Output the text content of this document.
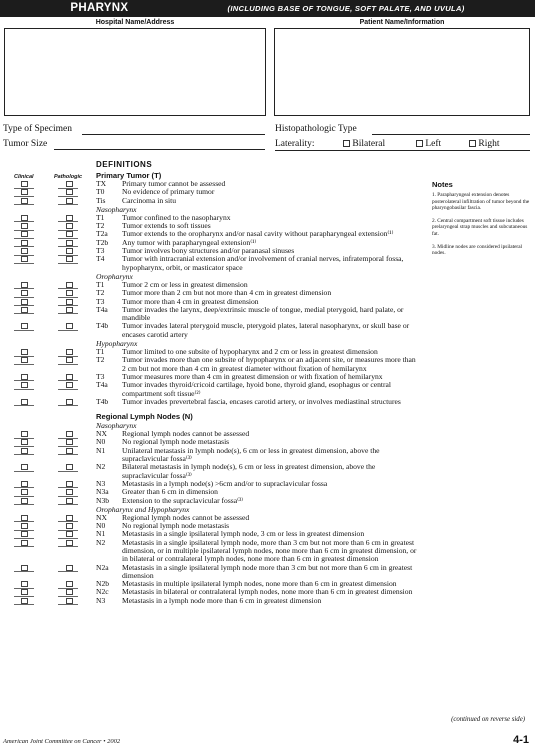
PHARYNX	(INCLUDING BASE OF TONGUE, SOFT PALATE, AND UVULA)
Hospital Name/Address	Patient Name/Information
Type of Specimen
Tumor Size
Histopathologic Type
Laterality:	Bilateral	Left	Right
DEFINITIONS
Clinical	Pathologic Primary Tumor (T)
TX Primary tumor cannot be assessed
T0 No evidence of primary tumor
Tis Carcinoma in situ
Nasopharynx
T1 Tumor confined to the nasopharynx
T2 Tumor extends to soft tissues
T2a Tumor extends to the oropharynx and/or nasal cavity without parapharyngeal extension⁽¹⁾
T2b Any tumor with parapharyngeal extension⁽¹⁾
T3 Tumor involves bony structures and/or paranasal sinuses
T4 Tumor with intracranial extension and/or involvement of cranial nerves, infratemporal fossa, hypopharynx, orbit, or masticator space
Oropharynx
T1 Tumor 2 cm or less in greatest dimension
T2 Tumor more than 2 cm but not more than 4 cm in greatest dimension
T3 Tumor more than 4 cm in greatest dimension
T4a Tumor invades the larynx, deep/extrinsic muscle of tongue, medial pterygoid, hard palate, or mandible
T4b Tumor invades lateral pterygoid muscle, pterygoid plates, lateral nasopharynx, or skull base or encases carotid artery
Hypopharynx
T1 Tumor limited to one subsite of hypopharynx and 2 cm or less in greatest dimension
T2 Tumor invades more than one subsite of hypopharynx or an adjacent site, or measures more than 2 cm but not more than 4 cm in greatest diameter without fixation of hemilarynx
T3 Tumor measures more than 4 cm in greatest dimension or with fixation of hemilarynx
T4a Tumor invades thyroid/cricoid cartilage, hyoid bone, thyroid gland, esophagus or central compartment soft tissue⁽²⁾
T4b Tumor invades prevertebral fascia, encases carotid artery, or involves mediastinal structures
Regional Lymph Nodes (N)
Nasopharynx
NX Regional lymph nodes cannot be assessed
N0 No regional lymph node metastasis
N1 Unilateral metastasis in lymph node(s), 6 cm or less in greatest dimension, above the supraclavicular fossa⁽³⁾
N2 Bilateral metastasis in lymph node(s), 6 cm or less in greatest dimension, above the supraclavicular fossa⁽³⁾
N3 Metastasis in a lymph node(s) >6cm and/or to supraclavicular fossa
N3a Greater than 6 cm in dimension
N3b Extension to the supraclavicular fossa⁽³⁾
Oropharynx and Hypopharynx
NX Regional lymph nodes cannot be assessed
N0 No regional lymph node metastasis
N1 Metastasis in a single ipsilateral lymph node, 3 cm or less in greatest dimension
N2 Metastasis in a single ipsilateral lymph node, more than 3 cm but not more than 6 cm in greatest dimension, or in multiple ipsilateral lymph nodes, none more than 6 cm in greatest dimension, or in bilateral or contralateral lymph nodes, none more than 6 cm in greatest dimension
N2a Metastasis in a single ipsilateral lymph node more than 3 cm but not more than 6 cm in greatest dimension
N2b Metastasis in multiple ipsilateral lymph nodes, none more than 6 cm in greatest dimension
N2c Metastasis in bilateral or contralateral lymph nodes, none more than 6 cm in greatest dimension
N3 Metastasis in a lymph node more than 6 cm in greatest dimension
Notes

1. Parapharyngeal extension denotes posterolateral infiltration of tumor beyond the pharyngobasilar fascia.

2. Central compartment soft tissue includes prelaryngeal strap muscles and subcutaneous fat.

3. Midline nodes are considered ipsilateral nodes.

(continued on reverse side)
American Joint Committee on Cancer • 2002	4-1
